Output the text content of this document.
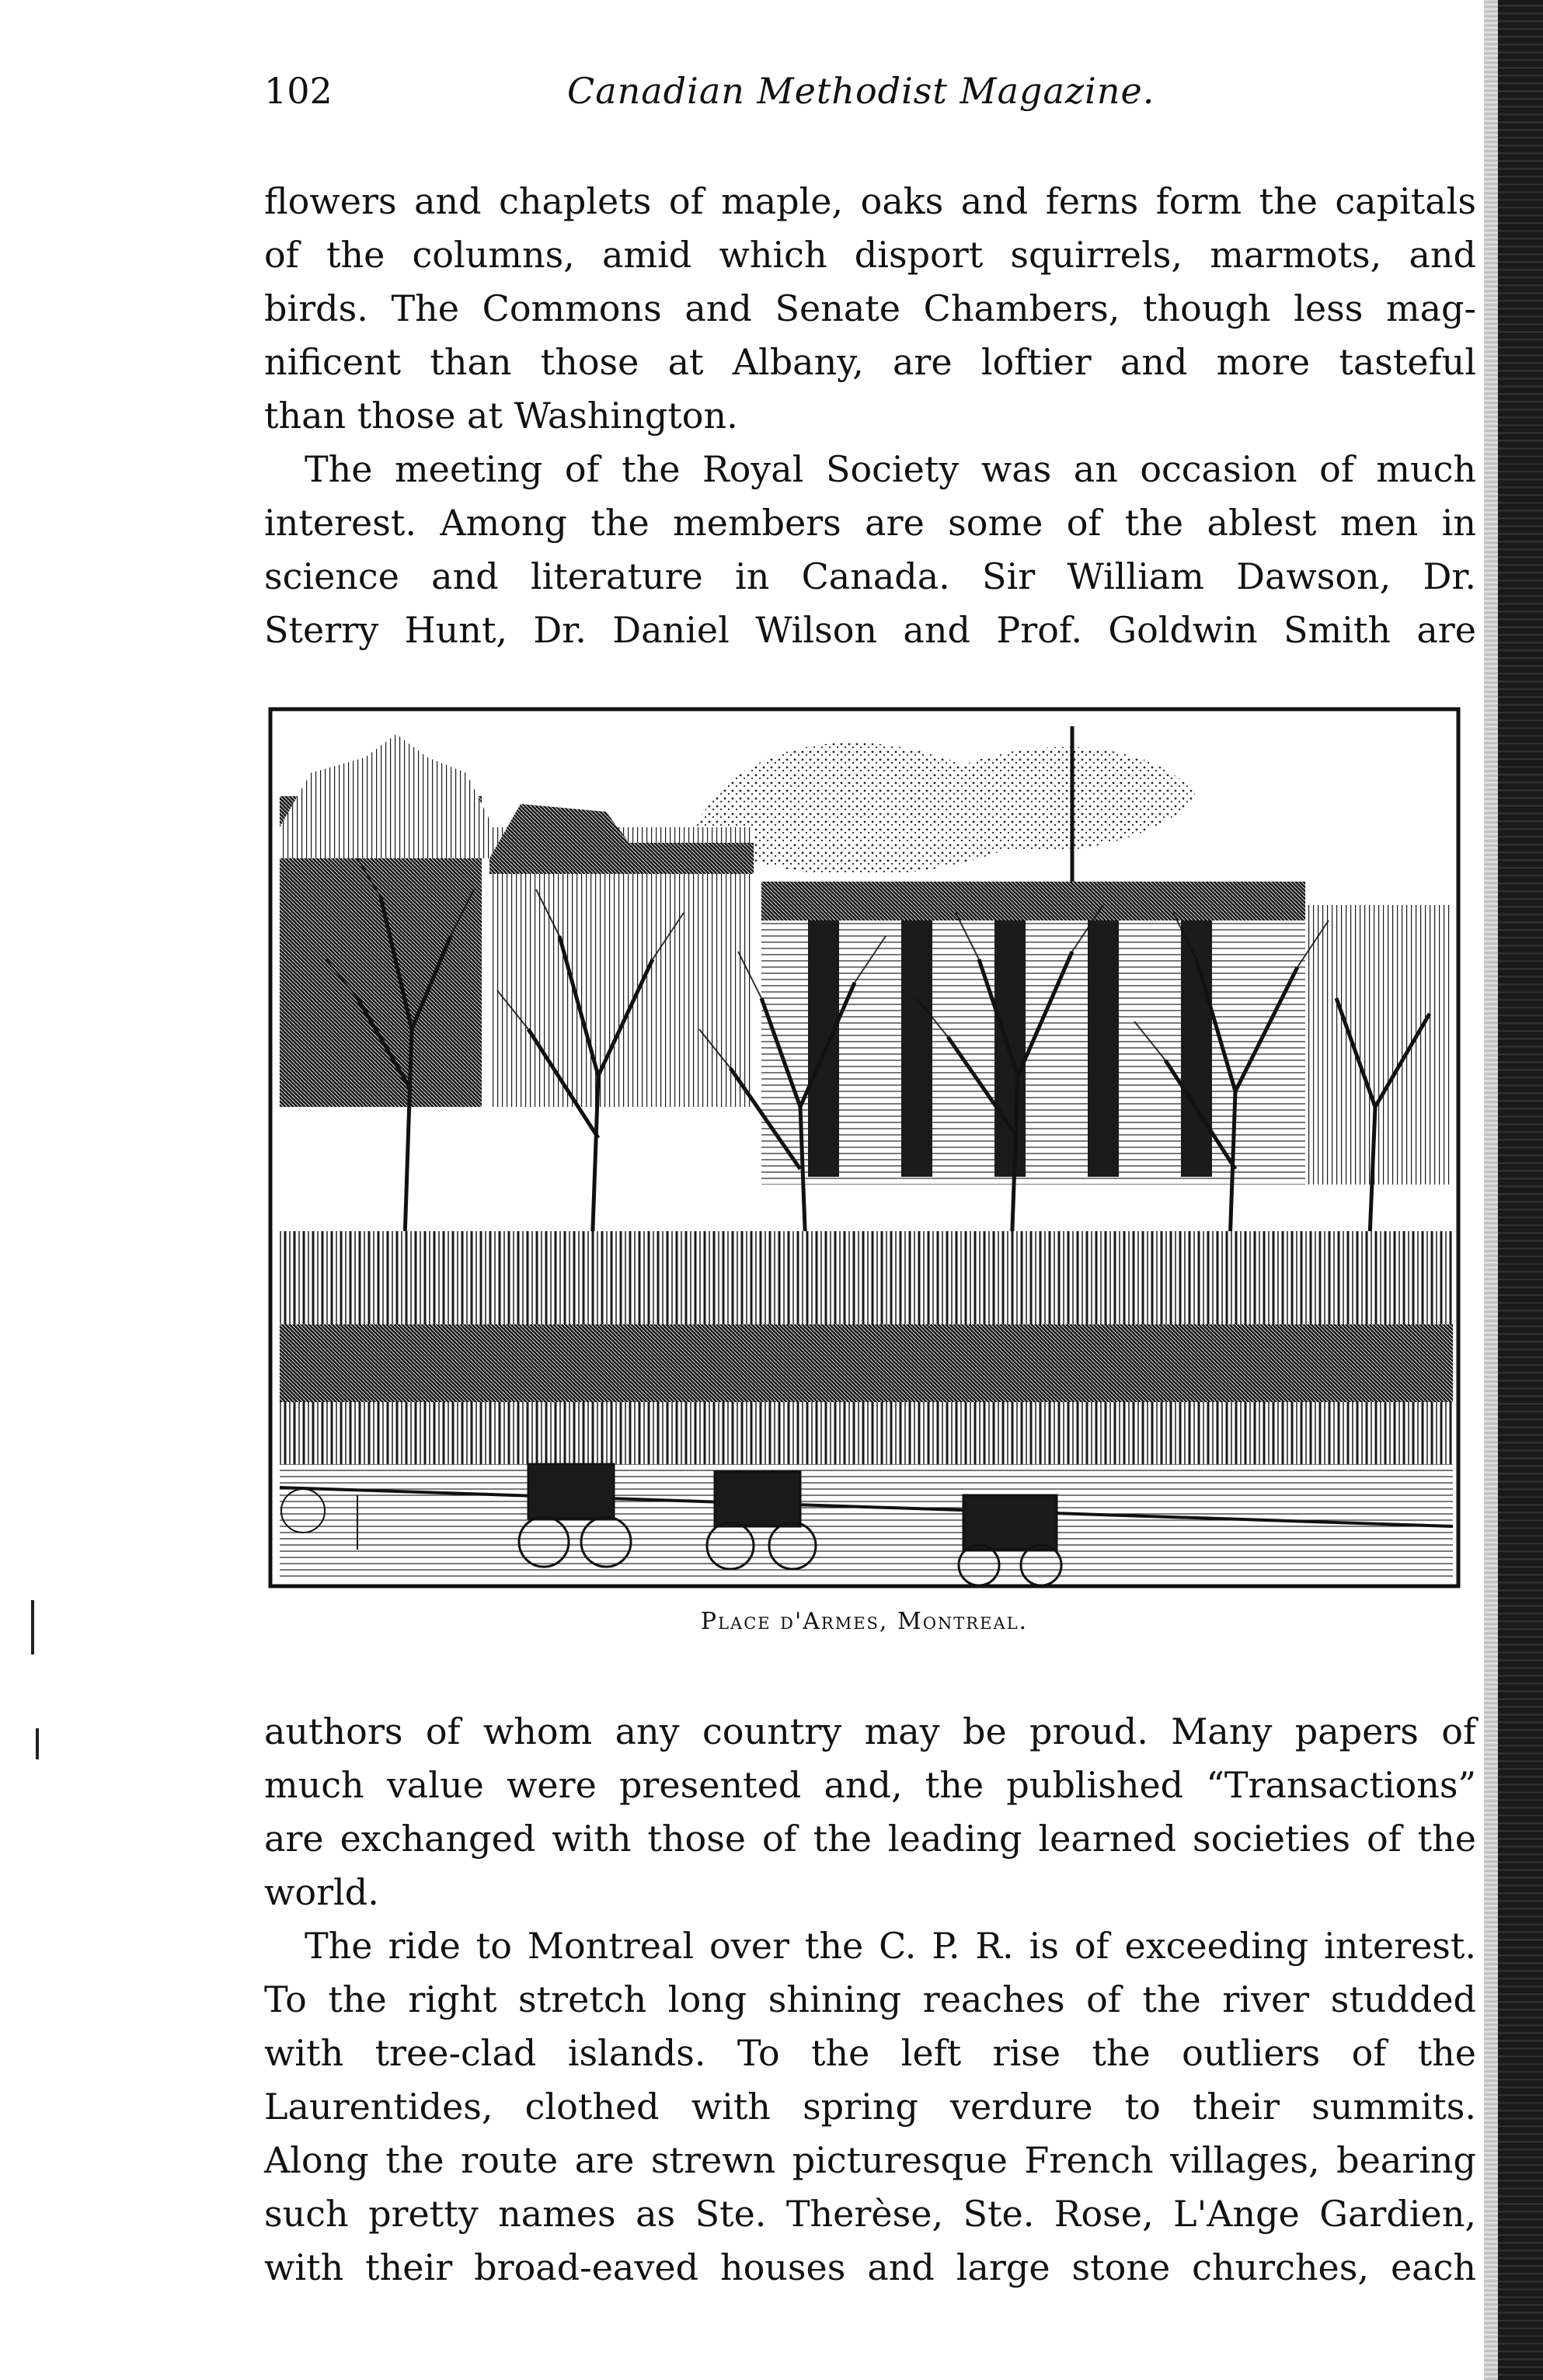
102	Canadian Methodist Magazine.

flowers and chaplets of maple, oaks and ferns form the capitals
of the columns, amid which disport squirrels, marmots, and
birds. The Commons and Senate Chambers, though less mag-
nificent than those at Albany, are loftier and more tasteful
than those at Washington.

The meeting of the Royal Society was an occasion of much
interest. Among the members are some of the ablest men in
science and literature in Canada. Sir William Dawson, Dr.
Sterry Hunt, Dr. Daniel Wilson and Prof. Goldwin Smith are

Place d'Armes, Montreal.

authors of whom any country may be proud. Many papers of
much value were presented and, the published “Transactions”
are exchanged with those of the leading learned societies of the
world.

The ride to Montreal over the C. P. R. is of exceeding interest.
To the right stretch long shining reaches of the river studded
with tree-clad islands. To the left rise the outliers of the
Laurentides, clothed with spring verdure to their summits.
Along the route are strewn picturesque French villages, bearing
such pretty names as Ste. Therèse, Ste. Rose, L'Ange Gardien,
with their broad-eaved houses and large stone churches, each
